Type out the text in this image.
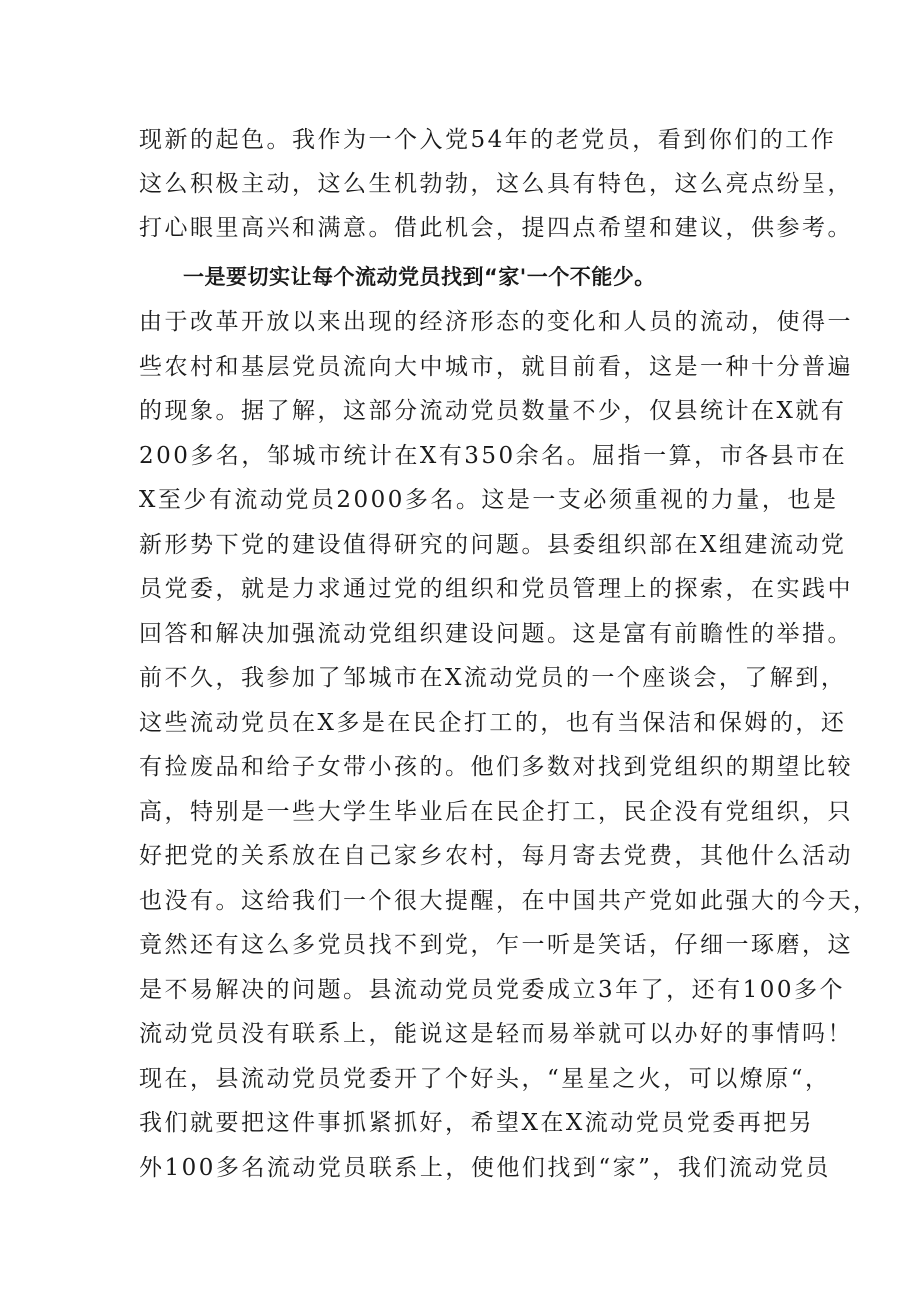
现新的起色。我作为一个入党54年的老党员，看到你们的工作
这么积极主动，这么生机勃勃，这么具有特色，这么亮点纷呈，
打心眼里高兴和满意。借此机会，提四点希望和建议，供参考。
一是要切实让每个流动党员找到“家'一个不能少。
由于改革开放以来出现的经济形态的变化和人员的流动，使得一
些农村和基层党员流向大中城市，就目前看，这是一种十分普遍
的现象。据了解，这部分流动党员数量不少，仅县统计在X就有
200多名，邹城市统计在X有350余名。屈指一算，市各县市在
X至少有流动党员2000多名。这是一支必须重视的力量，也是
新形势下党的建设值得研究的问题。县委组织部在X组建流动党
员党委，就是力求通过党的组织和党员管理上的探索，在实践中
回答和解决加强流动党组织建设问题。这是富有前瞻性的举措。
前不久，我参加了邹城市在X流动党员的一个座谈会，了解到，
这些流动党员在X多是在民企打工的，也有当保洁和保姆的，还
有捡废品和给子女带小孩的。他们多数对找到党组织的期望比较
高，特别是一些大学生毕业后在民企打工，民企没有党组织，只
好把党的关系放在自己家乡农村，每月寄去党费，其他什么活动
也没有。这给我们一个很大提醒，在中国共产党如此强大的今天，
竟然还有这么多党员找不到党，乍一听是笑话，仔细一琢磨，这
是不易解决的问题。县流动党员党委成立3年了，还有100多个
流动党员没有联系上，能说这是轻而易举就可以办好的事情吗！
现在，县流动党员党委开了个好头，“星星之火，可以燎原“，
我们就要把这件事抓紧抓好，希望X在X流动党员党委再把另
外100多名流动党员联系上，使他们找到“家”，我们流动党员
